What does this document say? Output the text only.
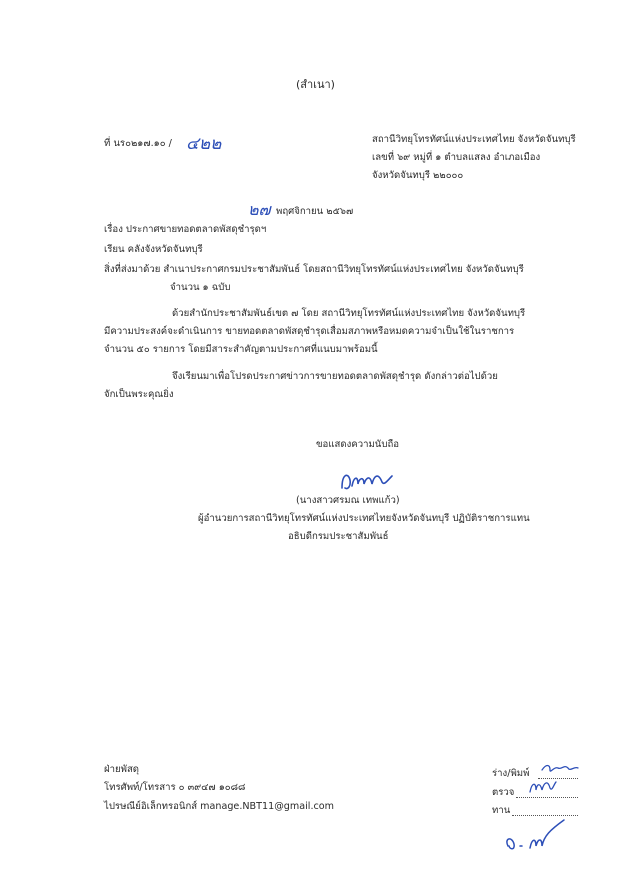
(สำเนา)
ที่ นร๐๒๑๗.๑๐ / ๔๒๒	สถานีวิทยุโทรทัศน์แห่งประเทศไทย จังหวัดจันทบุรี
เลขที่ ๖๙ หมู่ที่ ๑ ตำบลแสลง อำเภอเมือง
จังหวัดจันทบุรี ๒๒๐๐๐
๒๗ พฤศจิกายน ๒๕๖๗
เรื่อง ประกาศขายทอดตลาดพัสดุชำรุดฯ
เรียน คลังจังหวัดจันทบุรี
สิ่งที่ส่งมาด้วย สำเนาประกาศกรมประชาสัมพันธ์ โดยสถานีวิทยุโทรทัศน์แห่งประเทศไทย จังหวัดจันทบุรี
จำนวน ๑ ฉบับ
ด้วยสำนักประชาสัมพันธ์เขต ๗ โดย สถานีวิทยุโทรทัศน์แห่งประเทศไทย จังหวัดจันทบุรี
มีความประสงค์จะดำเนินการ ขายทอดตลาดพัสดุชำรุดเสื่อมสภาพหรือหมดความจำเป็นใช้ในราชการ
จำนวน ๕๐ รายการ โดยมีสาระสำคัญตามประกาศที่แนบมาพร้อมนี้
จึงเรียนมาเพื่อโปรดประกาศข่าวการขายทอดตลาดพัสดุชำรุด ดังกล่าวต่อไปด้วย
จักเป็นพระคุณยิ่ง
ขอแสดงความนับถือ
(นางสาวศรมณ เทพแก้ว)
ผู้อำนวยการสถานีวิทยุโทรทัศน์แห่งประเทศไทยจังหวัดจันทบุรี ปฏิบัติราชการแทน
อธิบดีกรมประชาสัมพันธ์
ฝ่ายพัสดุ
โทรศัพท์/โทรสาร ๐ ๓๙๔๗ ๑๐๘๘
ไปรษณีย์อิเล็กทรอนิกส์ manage.NBT11@gmail.com
ร่าง/พิมพ์
ตรวจ
ทาน
